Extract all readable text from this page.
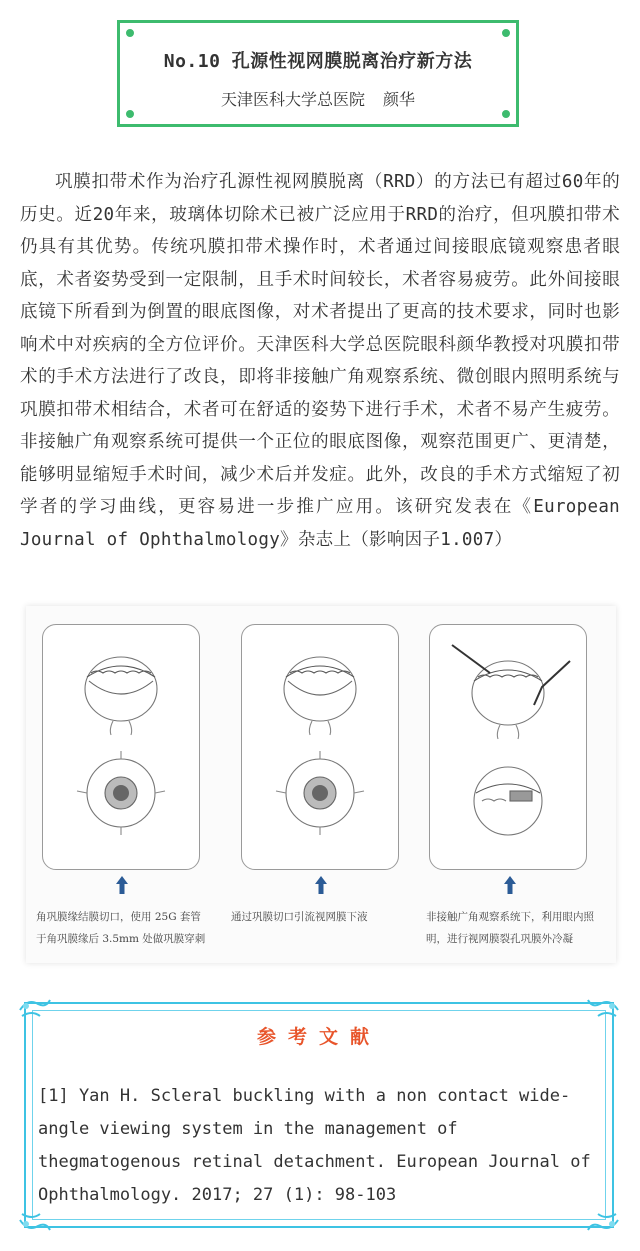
No.10 孔源性视网膜脱离治疗新方法
天津医科大学总医院 颜华
巩膜扣带术作为治疗孔源性视网膜脱离（RRD）的方法已有超过60年的历史。近20年来，玻璃体切除术已被广泛应用于RRD的治疗，但巩膜扣带术仍具有其优势。传统巩膜扣带术操作时，术者通过间接眼底镜观察患者眼底，术者姿势受到一定限制，且手术时间较长，术者容易疲劳。此外间接眼底镜下所看到为倒置的眼底图像，对术者提出了更高的技术要求，同时也影响术中对疾病的全方位评价。天津医科大学总医院眼科颜华教授对巩膜扣带术的手术方法进行了改良，即将非接触广角观察系统、微创眼内照明系统与巩膜扣带术相结合，术者可在舒适的姿势下进行手术，术者不易产生疲劳。非接触广角观察系统可提供一个正位的眼底图像，观察范围更广、更清楚，能够明显缩短手术时间，减少术后并发症。此外，改良的手术方式缩短了初学者的学习曲线，更容易进一步推广应用。该研究发表在《European Journal of Ophthalmology》杂志上（影响因子1.007）
角巩膜缘结膜切口，使用 25G 套管
于角巩膜缘后 3.5mm 处做巩膜穿刺
通过巩膜切口引流视网膜下液	非接触广角观察系统下，利用眼内照
明，进行视网膜裂孔巩膜外冷凝
参考文献
[1] Yan H. Scleral buckling with a non contact wide-angle viewing system in the management of thegmatogenous retinal detachment. European Journal of Ophthalmology. 2017; 27 (1): 98-103
